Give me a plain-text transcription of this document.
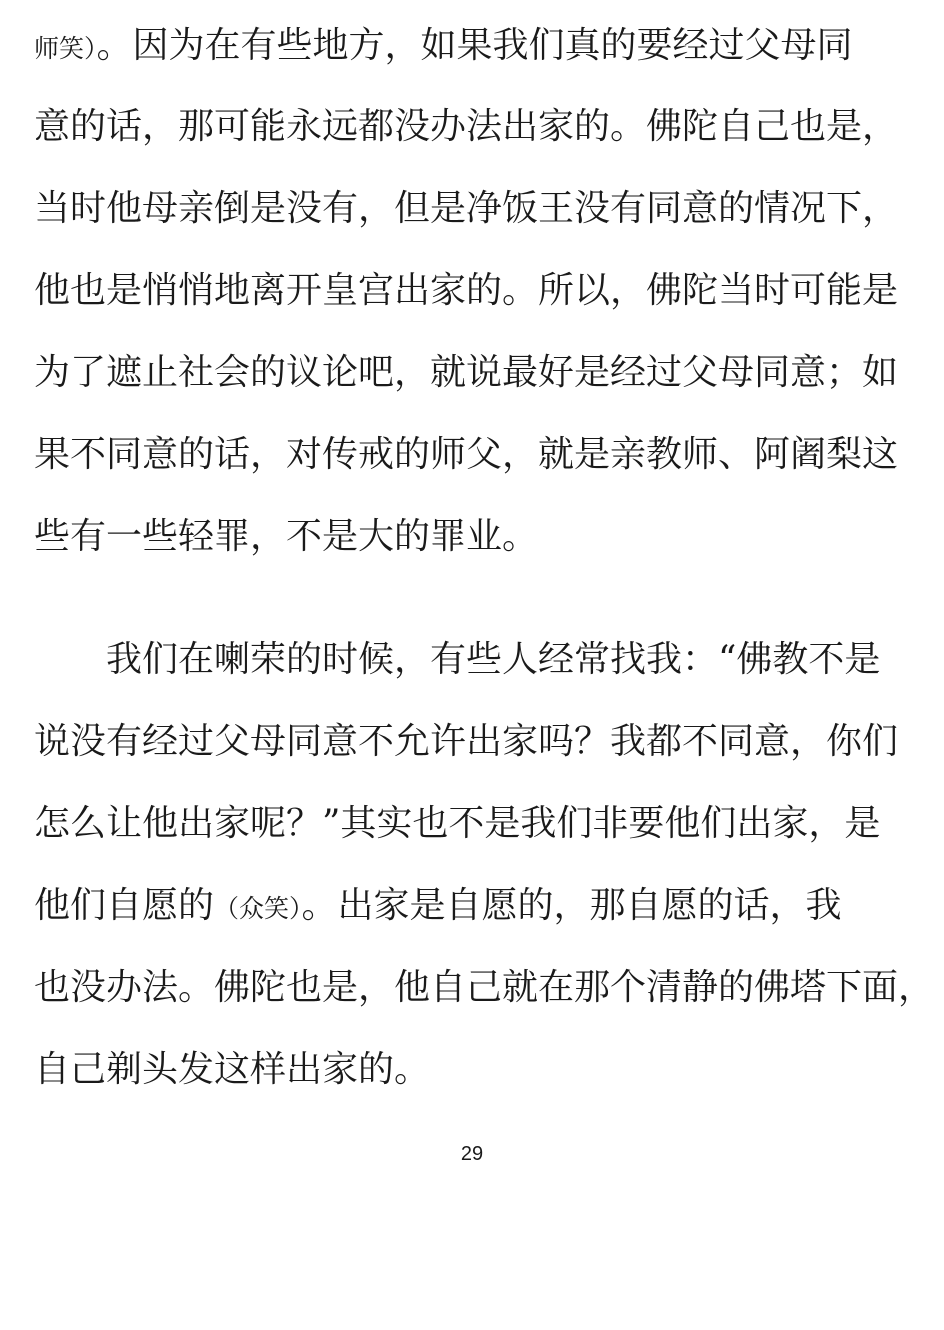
师笑）。因为在有些地方，如果我们真的要经过父母同
意的话，那可能永远都没办法出家的。佛陀自己也是，
当时他母亲倒是没有，但是净饭王没有同意的情况下，
他也是悄悄地离开皇宫出家的。所以，佛陀当时可能是
为了遮止社会的议论吧，就说最好是经过父母同意；如
果不同意的话，对传戒的师父，就是亲教师、阿阇梨这
些有一些轻罪，不是大的罪业。
我们在喇荣的时候，有些人经常找我：“佛教不是
说没有经过父母同意不允许出家吗？我都不同意，你们
怎么让他出家呢？”其实也不是我们非要他们出家，是
他们自愿的（众笑）。出家是自愿的，那自愿的话，我
也没办法。佛陀也是，他自己就在那个清静的佛塔下面，
自己剃头发这样出家的。
29
